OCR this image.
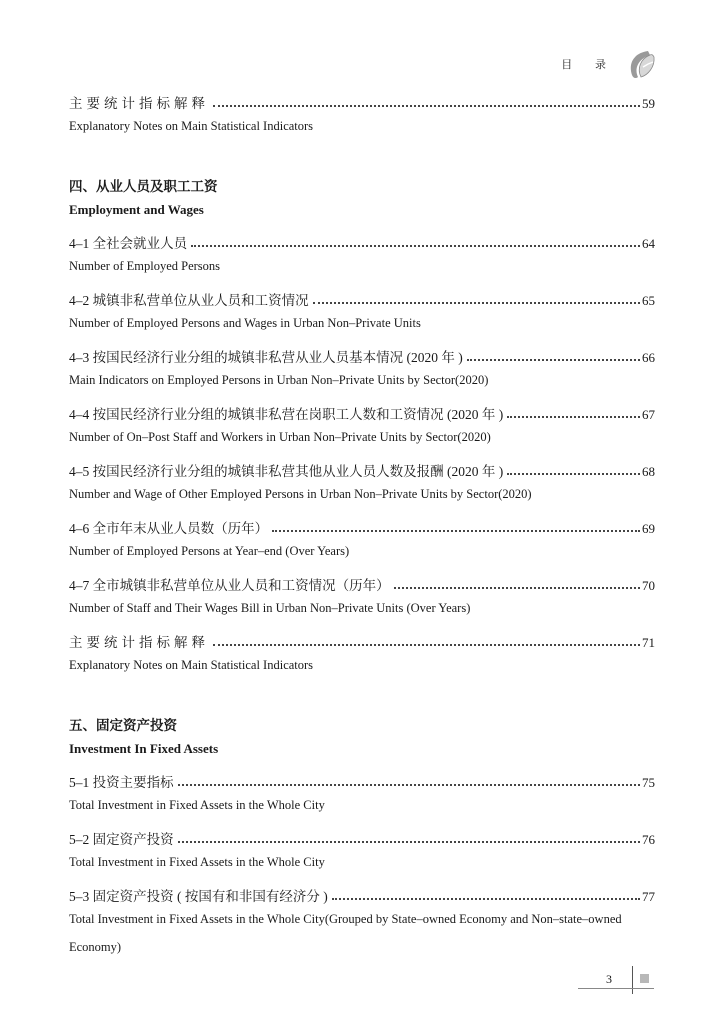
目 录
主要统计指标解释	59
Explanatory Notes on Main Statistical Indicators
四、从业人员及职工工资
Employment and Wages
4–1 全社会就业人员	64
Number of Employed Persons
4–2 城镇非私营单位从业人员和工资情况	65
Number of Employed Persons and Wages in Urban Non–Private Units
4–3 按国民经济行业分组的城镇非私营从业人员基本情况 (2020 年 )	66
Main Indicators on Employed Persons in Urban Non–Private Units by Sector(2020)
4–4 按国民经济行业分组的城镇非私营在岗职工人数和工资情况 (2020 年 )	67
Number of On–Post Staff and Workers in Urban Non–Private Units by Sector(2020)
4–5 按国民经济行业分组的城镇非私营其他从业人员人数及报酬 (2020 年 )	68
Number and Wage of Other Employed Persons in Urban Non–Private Units by Sector(2020)
4–6 全市年末从业人员数（历年）	69
Number of Employed Persons at Year–end (Over Years)
4–7 全市城镇非私营单位从业人员和工资情况（历年）	70
Number of Staff and Their Wages Bill in Urban Non–Private Units (Over Years)
主要统计指标解释	71
Explanatory Notes on Main Statistical Indicators
五、固定资产投资
Investment In Fixed Assets
5–1 投资主要指标	75
Total Investment in Fixed Assets in the Whole City
5–2 固定资产投资	76
Total Investment in Fixed Assets in the Whole City
5–3 固定资产投资 ( 按国有和非国有经济分 )	77
Total Investment in Fixed Assets in the Whole City(Grouped by State–owned Economy and Non–state–owned Economy)
3
